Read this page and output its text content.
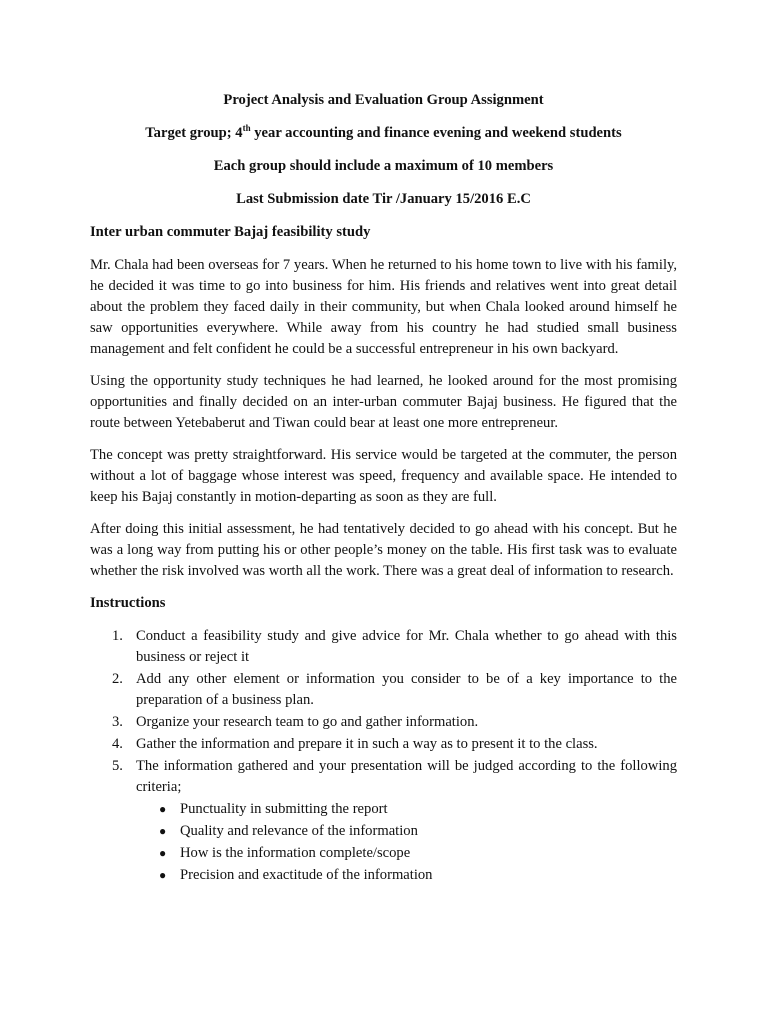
Project Analysis and Evaluation Group Assignment

Target group; 4th year accounting and finance evening and weekend students

Each group should include a maximum of 10 members

Last Submission date Tir /January 15/2016 E.C

Inter urban commuter Bajaj feasibility study

Mr. Chala had been overseas for 7 years. When he returned to his home town to live with his family, he decided it was time to go into business for him. His friends and relatives went into great detail about the problem they faced daily in their community, but when Chala looked around himself he saw opportunities everywhere. While away from his country he had studied small business management and felt confident he could be a successful entrepreneur in his own backyard.

Using the opportunity study techniques he had learned, he looked around for the most promising opportunities and finally decided on an inter-urban commuter Bajaj business. He figured that the route between Yetebaberut and Tiwan could bear at least one more entrepreneur.

The concept was pretty straightforward. His service would be targeted at the commuter, the person without a lot of baggage whose interest was speed, frequency and available space. He intended to keep his Bajaj constantly in motion-departing as soon as they are full.

After doing this initial assessment, he had tentatively decided to go ahead with his concept. But he was a long way from putting his or other people’s money on the table. His first task was to evaluate whether the risk involved was worth all the work. There was a great deal of information to research.

Instructions

1. Conduct a feasibility study and give advice for Mr. Chala whether to go ahead with this business or reject it
2. Add any other element or information you consider to be of a key importance to the preparation of a business plan.
3. Organize your research team to go and gather information.
4. Gather the information and prepare it in such a way as to present it to the class.
5. The information gathered and your presentation will be judged according to the following criteria;
● Punctuality in submitting the report
● Quality and relevance of the information
● How is the information complete/scope
● Precision and exactitude of the information
